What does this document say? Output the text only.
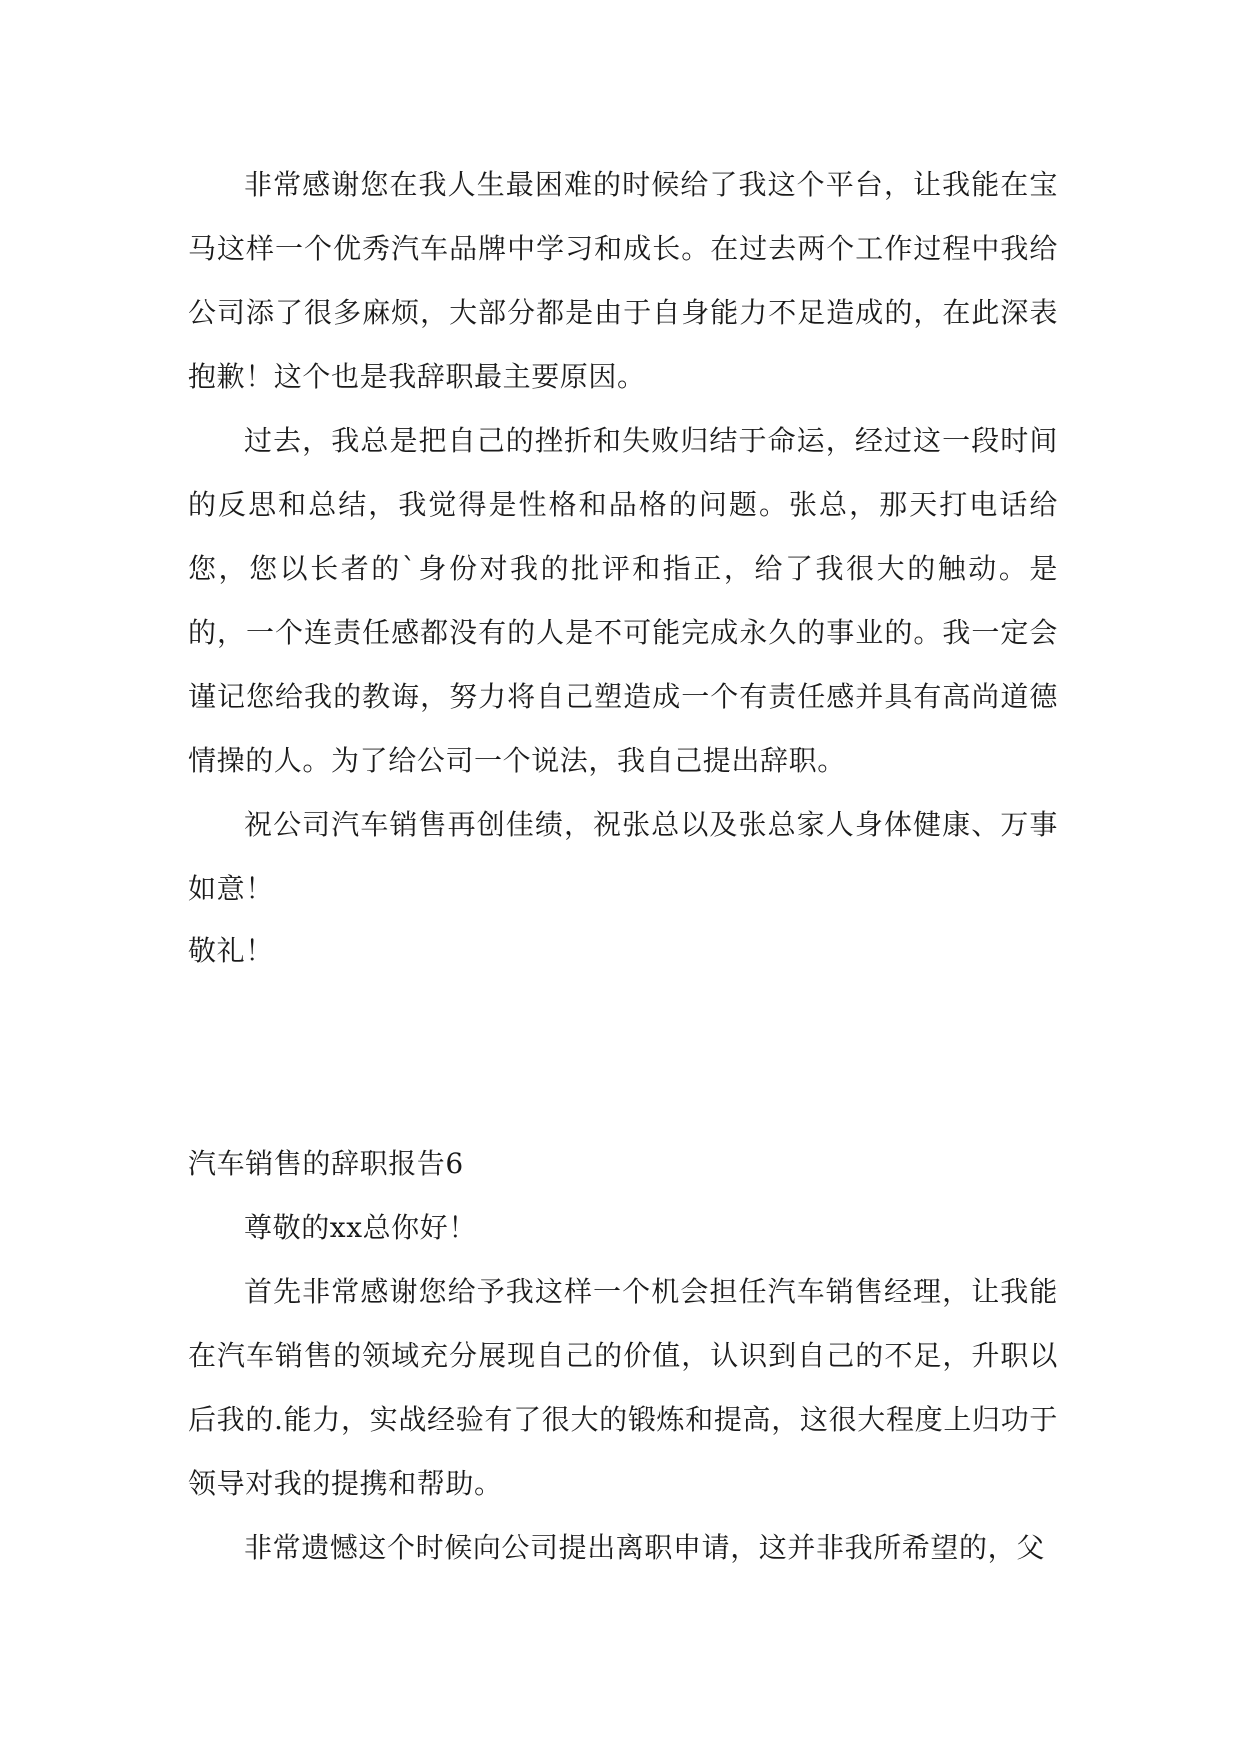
非常感谢您在我人生最困难的时候给了我这个平台，让我能在宝马这样一个优秀汽车品牌中学习和成长。在过去两个工作过程中我给公司添了很多麻烦，大部分都是由于自身能力不足造成的，在此深表抱歉！这个也是我辞职最主要原因。

过去，我总是把自己的挫折和失败归结于命运，经过这一段时间的反思和总结，我觉得是性格和品格的问题。张总，那天打电话给您，您以长者的`身份对我的批评和指正，给了我很大的触动。是的，一个连责任感都没有的人是不可能完成永久的事业的。我一定会谨记您给我的教诲，努力将自己塑造成一个有责任感并具有高尚道德情操的人。为了给公司一个说法，我自己提出辞职。

祝公司汽车销售再创佳绩，祝张总以及张总家人身体健康、万事如意！

敬礼！

汽车销售的辞职报告6

尊敬的xx总你好！

首先非常感谢您给予我这样一个机会担任汽车销售经理，让我能在汽车销售的领域充分展现自己的价值，认识到自己的不足，升职以后我的.能力，实战经验有了很大的锻炼和提高，这很大程度上归功于领导对我的提携和帮助。

非常遗憾这个时候向公司提出离职申请，这并非我所希望的，父
